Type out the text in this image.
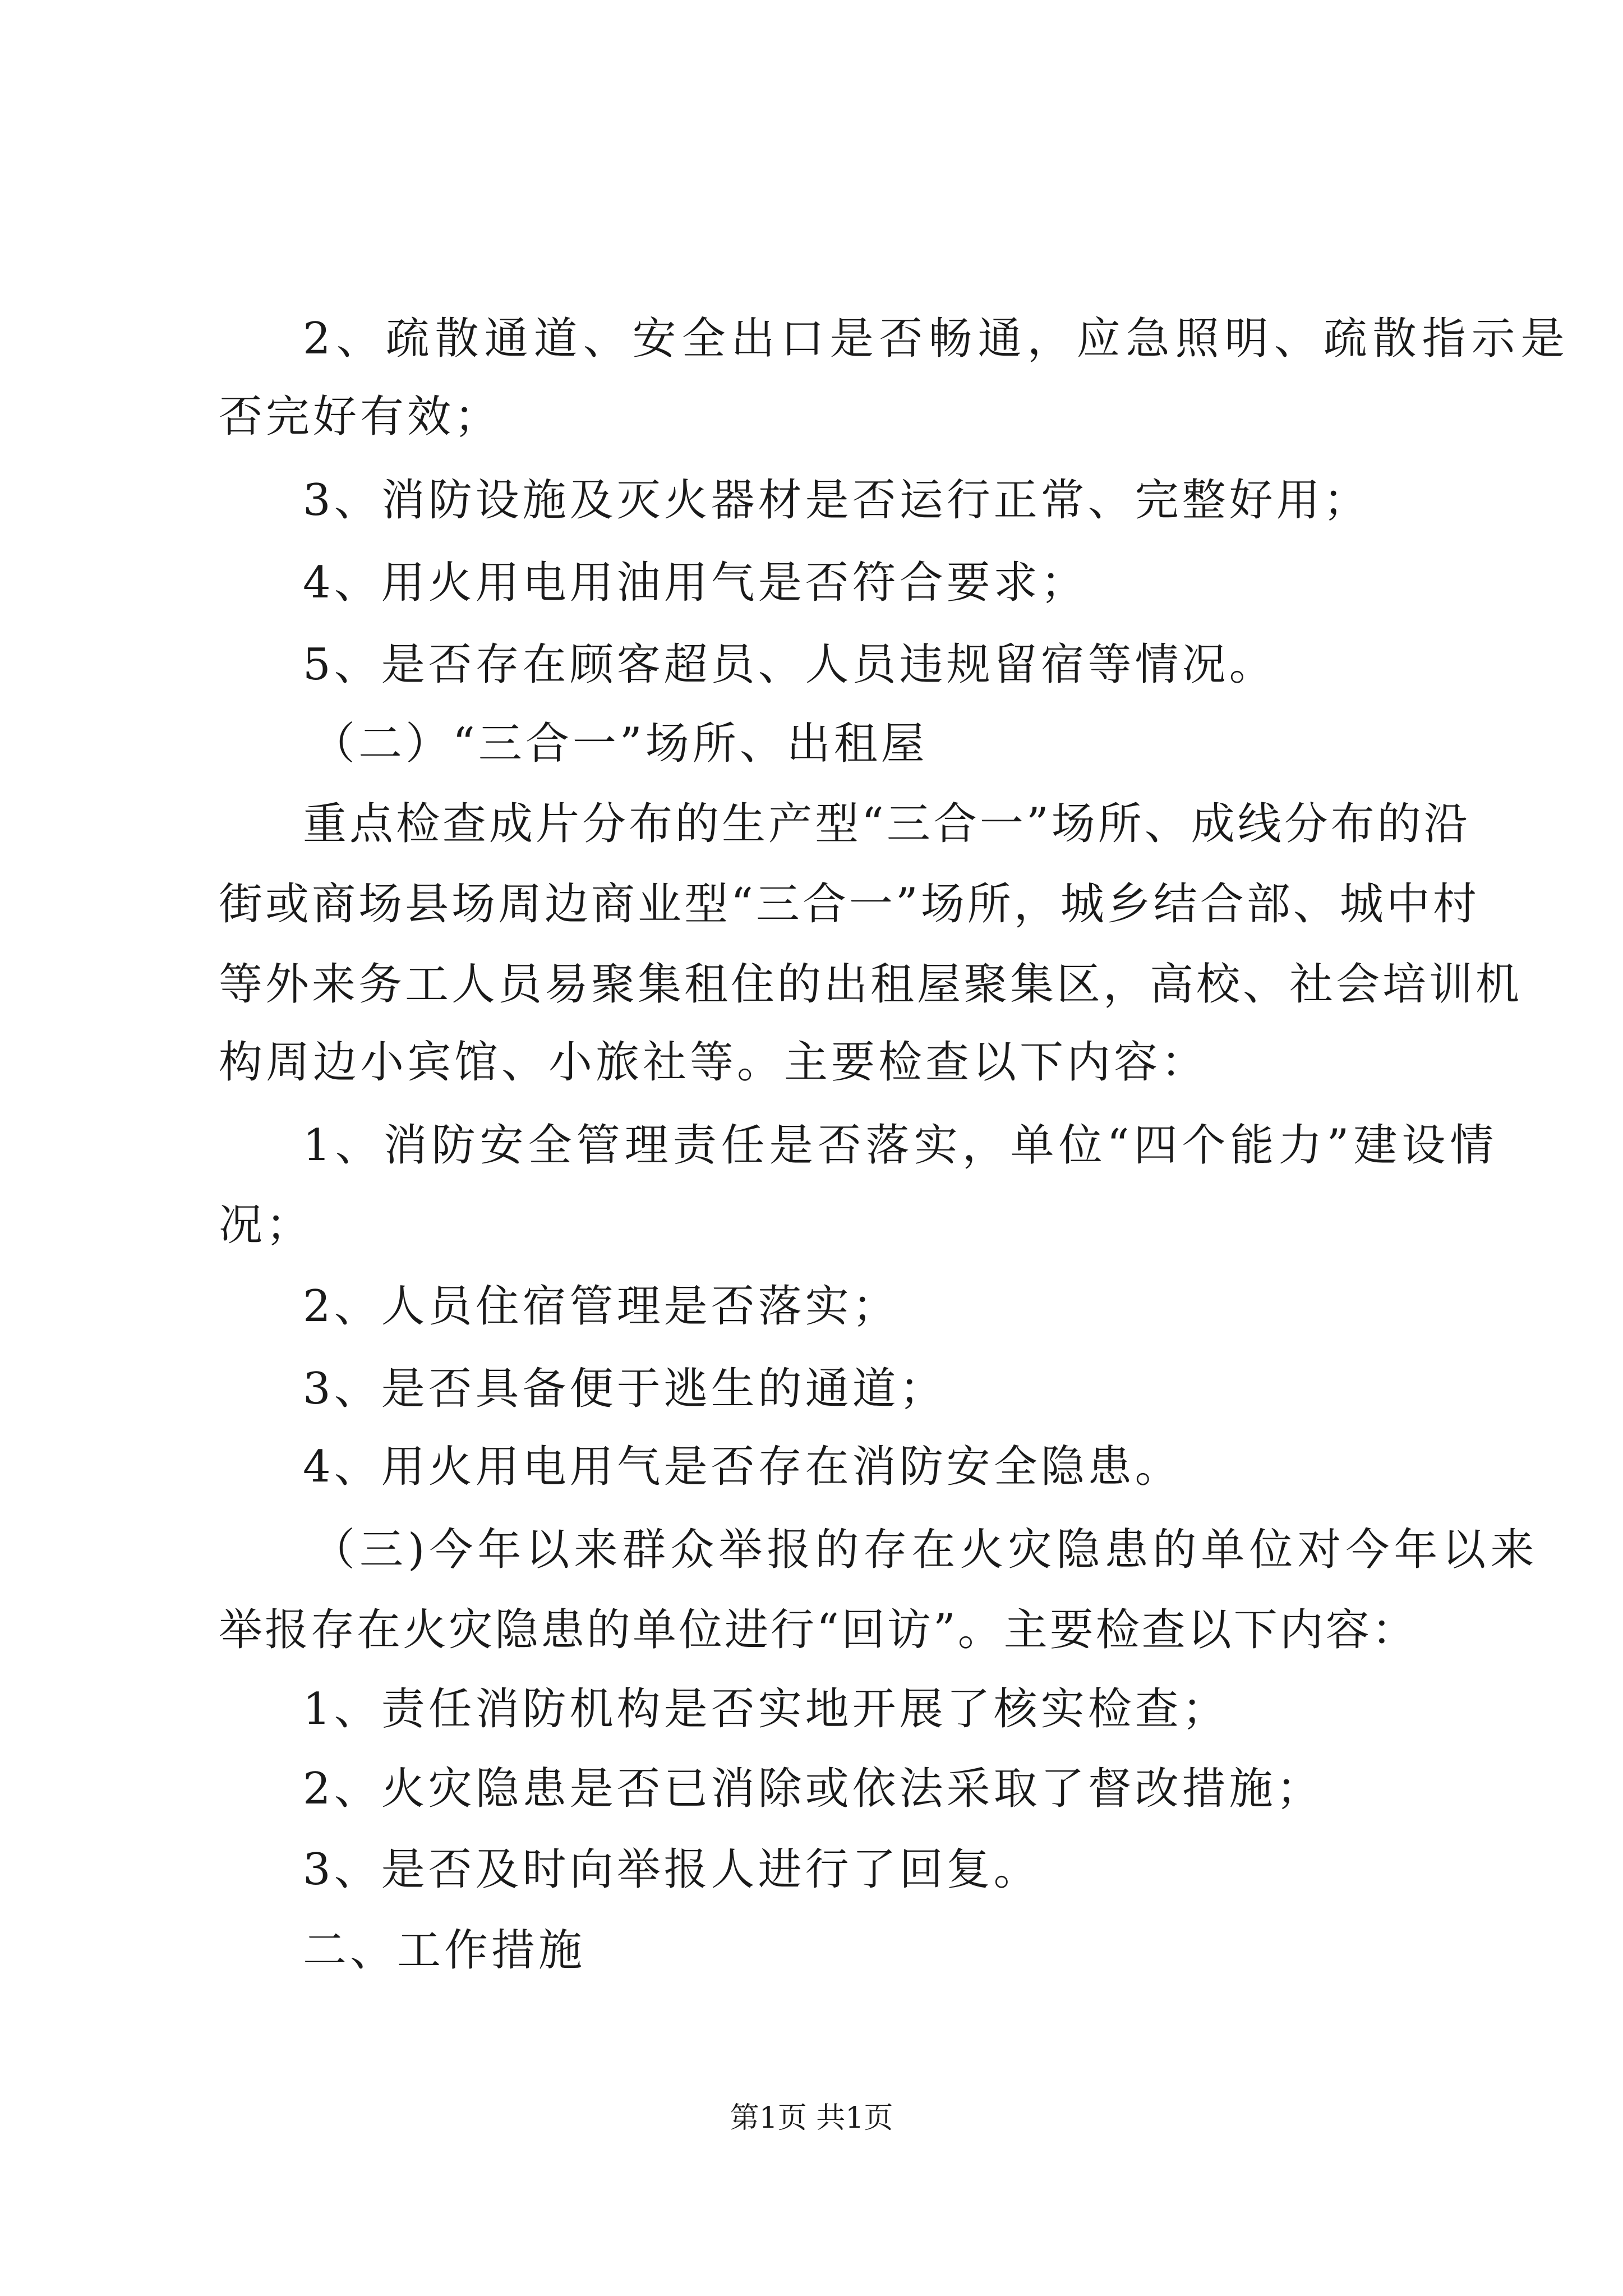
2、疏散通道、安全出口是否畅通，应急照明、疏散指示是
否完好有效；
3、消防设施及灭火器材是否运行正常、完整好用；
4、用火用电用油用气是否符合要求；
5、是否存在顾客超员、人员违规留宿等情况。
（二）“三合一”场所、出租屋
重点检查成片分布的生产型“三合一”场所、成线分布的沿
街或商场县场周边商业型“三合一”场所，城乡结合部、城中村
等外来务工人员易聚集租住的出租屋聚集区，高校、社会培训机
构周边小宾馆、小旅社等。主要检查以下内容：
1、消防安全管理责任是否落实，单位“四个能力”建设情
况；
2、人员住宿管理是否落实；
3、是否具备便于逃生的通道；
4、用火用电用气是否存在消防安全隐患。
（三)今年以来群众举报的存在火灾隐患的单位对今年以来
举报存在火灾隐患的单位进行“回访”。主要检查以下内容：
1、责任消防机构是否实地开展了核实检查；
2、火灾隐患是否已消除或依法采取了督改措施；
3、是否及时向举报人进行了回复。
二、工作措施
第1页 共1页
